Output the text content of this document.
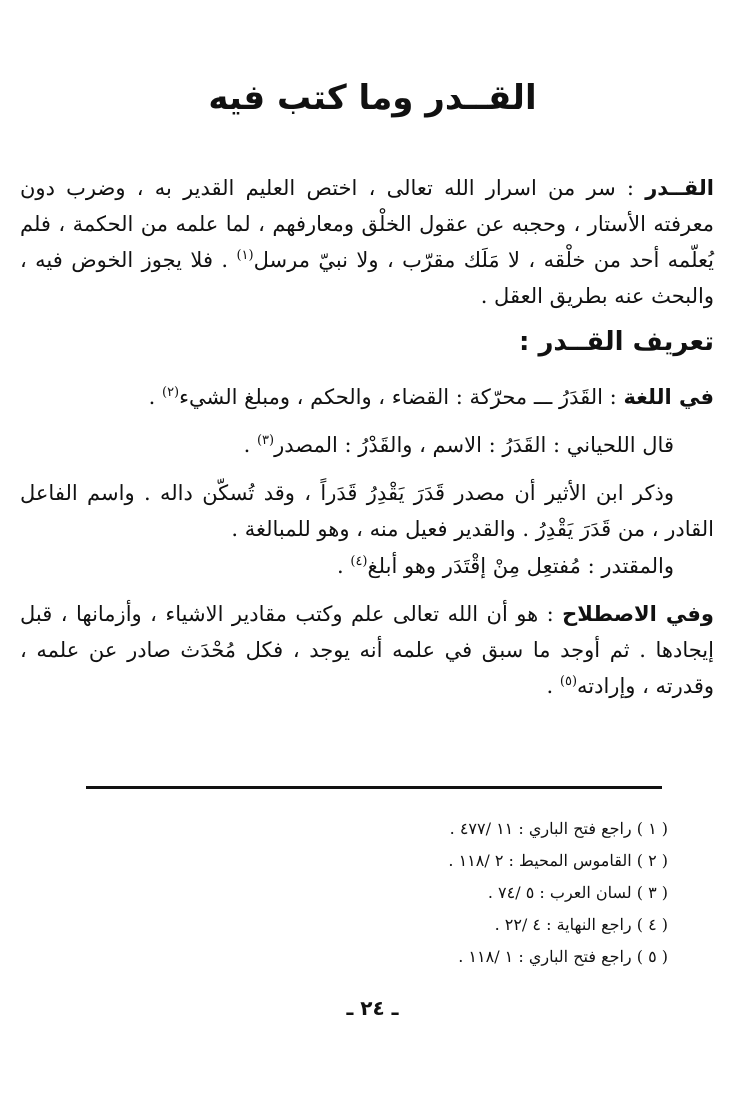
القــدر وما كتب فيه

القــدر : سر من اسرار الله تعالى ، اختص العليم القدير به ، وضرب دون معرفته الأستار ، وحجبه عن عقول الخلْق ومعارفهم ، لما علمه من الحكمة ، فلم يُعلّمه أحد من خلْقه ، لا مَلَك مقرّب ، ولا نبيّ مرسل$^{(١)}$ . فلا يجوز الخوض فيه ، والبحث عنه بطريق العقل .

تعريف القــدر :

في اللغة : القَدَرُ ـــ محرّكة : القضاء ، والحكم ، ومبلغ الشيء$^{(٢)}$ .

قال اللحياني : القَدَرُ : الاسم ، والقَدْرُ : المصدر$^{(٣)}$ .

وذكر ابن الأثير أن مصدر قَدَرَ يَقْدِرُ قَدَراً ، وقد تُسكّن داله . واسم الفاعل القادر ، من قَدَرَ يَقْدِرُ . والقدير فعيل منه ، وهو للمبالغة .

والمقتدر : مُفتعِل مِنْ إقْتَدَر وهو أبلغ$^{(٤)}$ .

وفي الاصطلاح : هو أن الله تعالى علم وكتب مقادير الاشياء ، وأزمانها ، قبل إيجادها . ثم أوجد ما سبق في علمه أنه يوجد ، فكل مُحْدَث صادر عن علمه ، وقدرته ، وإرادته$^{(٥)}$ .

( ١ ) راجع فتح الباري : ١١ /٤٧٧ .
( ٢ ) القاموس المحيط : ٢ /١١٨ .
( ٣ ) لسان العرب : ٥ /٧٤ .
( ٤ ) راجع النهاية : ٤ /٢٢ .
( ٥ ) راجع فتح الباري : ١ /١١٨ .
ـ ٢٤ ـ
